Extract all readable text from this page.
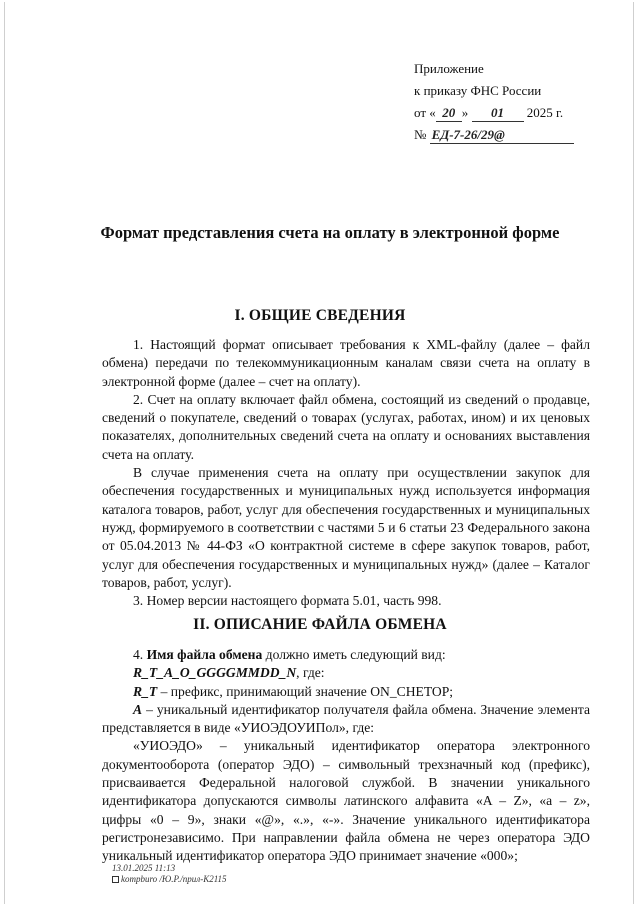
Приложение
к приказу ФНС России
от « 20 » 01 2025 г.
№ ЕД-7-26/29@
Формат представления счета на оплату в электронной форме
I. ОБЩИЕ СВЕДЕНИЯ

1. Настоящий формат описывает требования к XML-файлу (далее – файл обмена) передачи по телекоммуникационным каналам связи счета на оплату в электронной форме (далее – счет на оплату).

2. Счет на оплату включает файл обмена, состоящий из сведений о продавце, сведений о покупателе, сведений о товарах (услугах, работах, ином) и их ценовых показателях, дополнительных сведений счета на оплату и основаниях выставления счета на оплату.

В случае применения счета на оплату при осуществлении закупок для обеспечения государственных и муниципальных нужд используется информация каталога товаров, работ, услуг для обеспечения государственных и муниципальных нужд, формируемого в соответствии с частями 5 и 6 статьи 23 Федерального закона от 05.04.2013 № 44-ФЗ «О контрактной системе в сфере закупок товаров, работ, услуг для обеспечения государственных и муниципальных нужд» (далее – Каталог товаров, работ, услуг).

3. Номер версии настоящего формата 5.01, часть 998.

II. ОПИСАНИЕ ФАЙЛА ОБМЕНА

4. Имя файла обмена должно иметь следующий вид:

R_T_A_O_GGGGMMDD_N, где:

R_T – префикс, принимающий значение ON_CHETOP;

A – уникальный идентификатор получателя файла обмена. Значение элемента представляется в виде «УИОЭДОУИПол», где:

«УИОЭДО» – уникальный идентификатор оператора электронного документооборота (оператор ЭДО) – символьный трехзначный код (префикс), присваивается Федеральной налоговой службой. В значении уникального идентификатора допускаются символы латинского алфавита «A – Z», «a – z», цифры «0 – 9», знаки «@», «.», «-». Значение уникального идентификатора регистронезависимо. При направлении файла обмена не через оператора ЭДО уникальный идентификатор оператора ЭДО принимает значение «000»;

13.01.2025 11:13
kompburo /Ю.Р./прил-К2115
